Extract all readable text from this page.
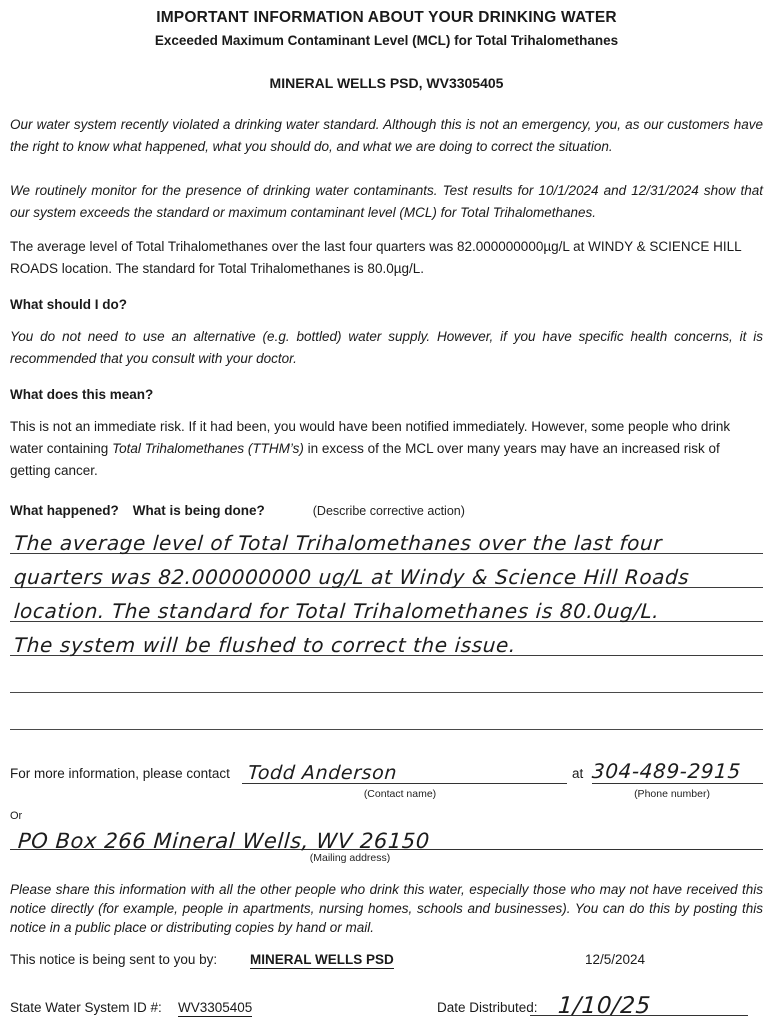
IMPORTANT INFORMATION ABOUT YOUR DRINKING WATER
Exceeded Maximum Contaminant Level (MCL) for Total Trihalomethanes
MINERAL WELLS PSD, WV3305405

Our water system recently violated a drinking water standard. Although this is not an emergency, you, as our customers have the right to know what happened, what you should do, and what we are doing to correct the situation.

We routinely monitor for the presence of drinking water contaminants. Test results for 10/1/2024 and 12/31/2024 show that our system exceeds the standard or maximum contaminant level (MCL) for Total Trihalomethanes.

The average level of Total Trihalomethanes over the last four quarters was 82.000000000µg/L at WINDY & SCIENCE HILL ROADS location. The standard for Total Trihalomethanes is 80.0µg/L.

What should I do?

You do not need to use an alternative (e.g. bottled) water supply. However, if you have specific health concerns, it is recommended that you consult with your doctor.

What does this mean?

This is not an immediate risk. If it had been, you would have been notified immediately. However, some people who drink water containing Total Trihalomethanes (TTHM’s) in excess of the MCL over many years may have an increased risk of getting cancer.

What happened? What is being done?	(Describe corrective action)
The average level of Total Trihalomethanes over the last four
quarters was 82.000000000 ug/L at Windy & Science Hill Roads
location. The standard for Total Trihalomethanes is 80.0ug/L.
The system will be flushed to correct the issue.
For more information, please contact Todd Anderson	at 304-489-2915
(Contact name)	(Phone number)
Or
PO Box 266 Mineral Wells, WV 26150
(Mailing address)

Please share this information with all the other people who drink this water, especially those who may not have received this notice directly (for example, people in apartments, nursing homes, schools and businesses). You can do this by posting this notice in a public place or distributing copies by hand or mail.

This notice is being sent to you by: MINERAL WELLS PSD	12/5/2024
State Water System ID #: WV3305405	Date Distributed: 1/10/25
